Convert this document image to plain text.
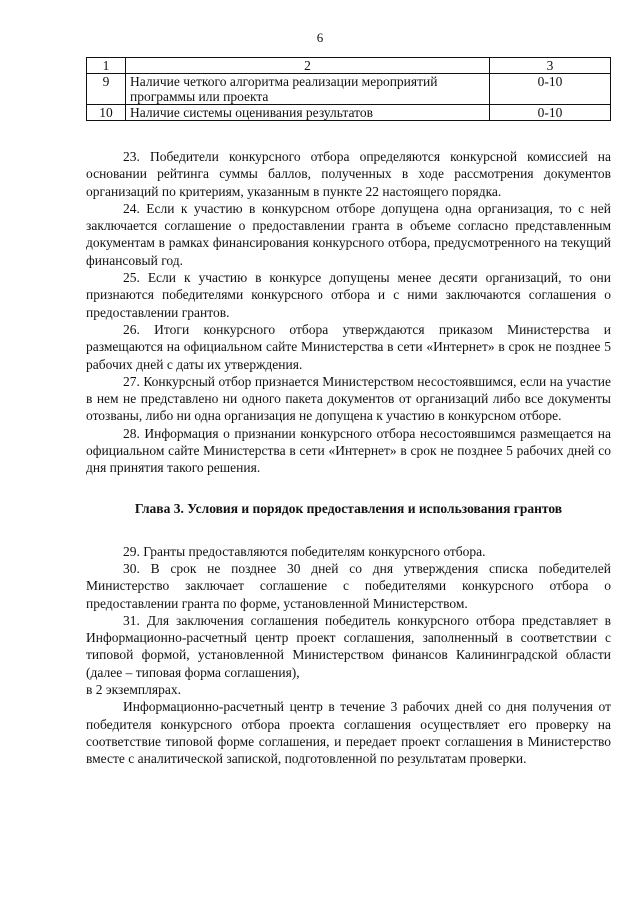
6
1	2	3
9	Наличие четкого алгоритма реализации мероприятий программы или проекта	0-10
10	Наличие системы оценивания результатов	0-10

23. Победители конкурсного отбора определяются конкурсной комиссией на основании рейтинга суммы баллов, полученных в ходе рассмотрения документов организаций по критериям, указанным в пункте 22 настоящего порядка.

24. Если к участию в конкурсном отборе допущена одна организация, то с ней заключается соглашение о предоставлении гранта в объеме согласно представленным документам в рамках финансирования конкурсного отбора, предусмотренного на текущий финансовый год.

25. Если к участию в конкурсе допущены менее десяти организаций, то они признаются победителями конкурсного отбора и с ними заключаются соглашения о предоставлении грантов.

26. Итоги конкурсного отбора утверждаются приказом Министерства и размещаются на официальном сайте Министерства в сети «Интернет» в срок не позднее 5 рабочих дней с даты их утверждения.

27. Конкурсный отбор признается Министерством несостоявшимся, если на участие в нем не представлено ни одного пакета документов от организаций либо все документы отозваны, либо ни одна организация не допущена к участию в конкурсном отборе.

28. Информация о признании конкурсного отбора несостоявшимся размещается на официальном сайте Министерства в сети «Интернет» в срок не позднее 5 рабочих дней со дня принятия такого решения.

Глава 3. Условия и порядок предоставления и использования грантов

29. Гранты предоставляются победителям конкурсного отбора.

30. В срок не позднее 30 дней со дня утверждения списка победителей Министерство заключает соглашение с победителями конкурсного отбора о предоставлении гранта по форме, установленной Министерством.

31. Для заключения соглашения победитель конкурсного отбора представляет в Информационно-расчетный центр проект соглашения, заполненный в соответствии с типовой формой, установленной Министерством финансов Калининградской области (далее – типовая форма соглашения),

в 2 экземплярах.

Информационно-расчетный центр в течение 3 рабочих дней со дня получения от победителя конкурсного отбора проекта соглашения осуществляет его проверку на соответствие типовой форме соглашения, и передает проект соглашения в Министерство вместе с аналитической запиской, подготовленной по результатам проверки.
